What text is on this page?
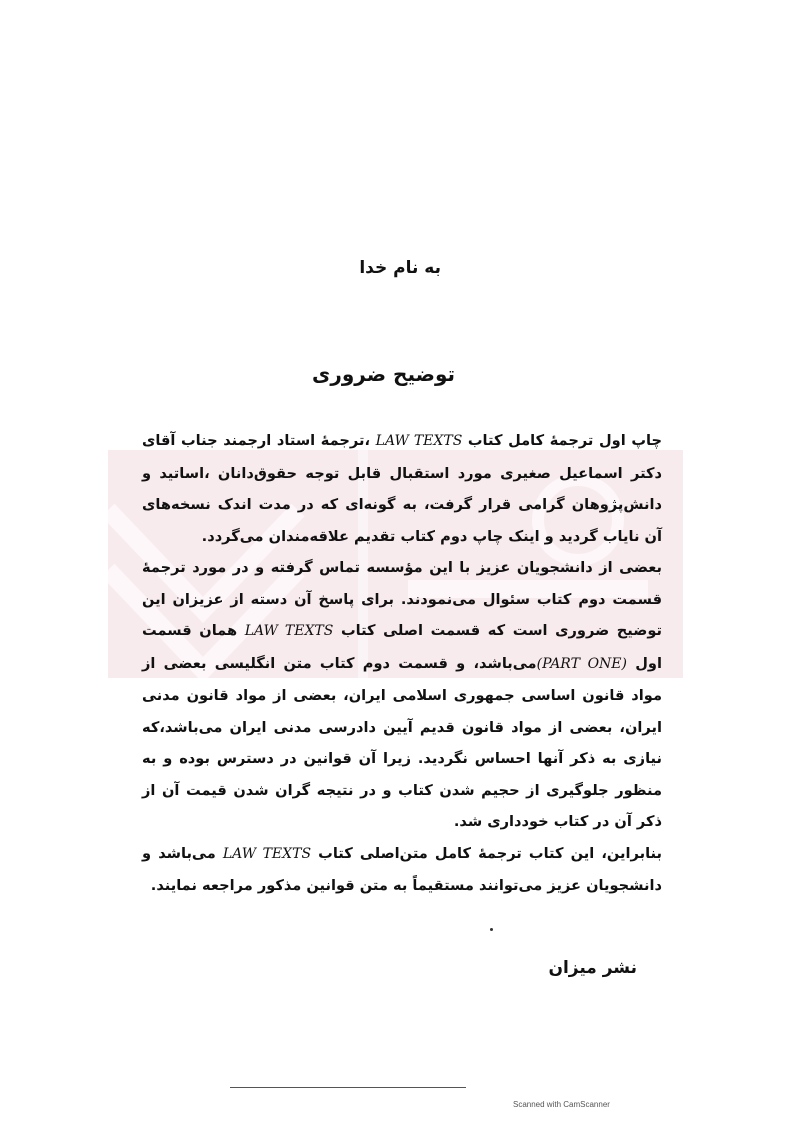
به نام خدا
توضیح ضروری

چاپ اول ترجمهٔ کامل کتاب LAW TEXTS ،ترجمهٔ استاد ارجمند جناب آقای دکتر اسماعیل صغیری مورد استقبال قابل توجه حقوق‌دانان ،اساتید و دانش‌پژوهان گرامی قرار گرفت، به گونه‌ای که در مدت اندک نسخه‌های آن نایاب گردید و اینک چاپ دوم کتاب تقدیم علاقه‌مندان می‌گردد.

بعضی از دانشجویان عزیز با این مؤسسه تماس گرفته و در مورد ترجمهٔ قسمت دوم کتاب سئوال می‌نمودند. برای پاسخ آن دسته از عزیزان این توضیح ضروری است که قسمت اصلی کتاب LAW TEXTS همان قسمت اول (PART ONE)می‌باشد، و قسمت دوم کتاب متن انگلیسی بعضی از مواد قانون اساسی جمهوری اسلامی ایران، بعضی از مواد قانون مدنی ایران، بعضی از مواد قانون قدیم آیین دادرسی مدنی ایران می‌باشد،که نیازی به ذکر آنها احساس نگردید. زیرا آن قوانین در دسترس بوده و به منظور جلوگیری از حجیم شدن کتاب و در نتیجه گران شدن قیمت آن از ذکر آن در کتاب خودداری شد.

بنابراین، این کتاب ترجمهٔ کامل متن‌اصلی کتاب LAW TEXTS می‌باشد و دانشجویان عزیز می‌توانند مستقیماً به متن قوانین مذکور مراجعه نمایند.

نشر میزان
Scanned with CamScanner
